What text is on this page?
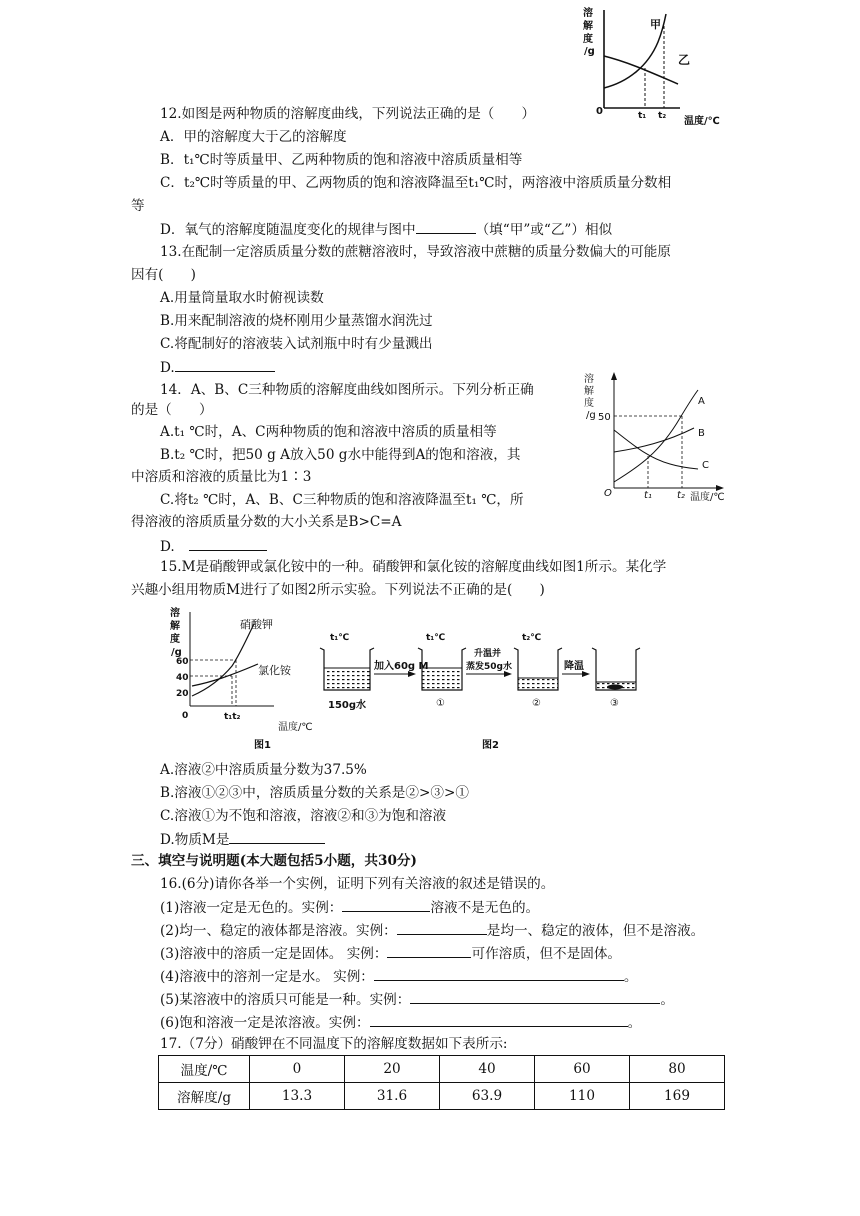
溶
解
度
/g
甲
乙
0	t₁ t₂ 温度/℃
12.如图是两种物质的溶解度曲线，下列说法正确的是（　　）
A．甲的溶解度大于乙的溶解度
B．t₁℃时等质量甲、乙两种物质的饱和溶液中溶质质量相等
C．t₂℃时等质量的甲、乙两物质的饱和溶液降温至t₁℃时，两溶液中溶质质量分数相
等
D．氧气的溶解度随温度变化的规律与图中	（填“甲”或“乙”）相似
13.在配制一定溶质质量分数的蔗糖溶液时，导致溶液中蔗糖的质量分数偏大的可能原
因有(　　)
A.用量筒量取水时俯视读数
B.用来配制溶液的烧杯刚用少量蒸馏水润洗过
C.将配制好的溶液装入试剂瓶中时有少量溅出
D.
溶
解
度
/g 50
A
B
C
O	t₁	t₂ 温度/℃
14．A、B、C三种物质的溶解度曲线如图所示。下列分析正确
的是（　　）
A.t₁ ℃时，A、C两种物质的饱和溶液中溶质的质量相等
B.t₂ ℃时，把50 g A放入50 g水中能得到A的饱和溶液，其
中溶质和溶液的质量比为1∶3
C.将t₂ ℃时，A、B、C三种物质的饱和溶液降温至t₁ ℃，所
得溶液的溶质质量分数的大小关系是B>C=A
D.
15.M是硝酸钾或氯化铵中的一种。硝酸钾和氯化铵的溶解度曲线如图1所示。某化学
兴趣小组用物质M进行了如图2所示实验。下列说法不正确的是(　　)
溶
解
度
/g
60
40
20
0	t₁t₂
硝酸钾
氯化铵
温度/℃
图1
t₁℃	t₁℃	t₂℃
加入60g M
升温并
蒸发50g水	降温
150g水	①	②	③
图2
A.溶液②中溶质质量分数为37.5%
B.溶液①②③中，溶质质量分数的关系是②>③>①
C.溶液①为不饱和溶液，溶液②和③为饱和溶液
D.物质M是
三、填空与说明题(本大题包括5小题，共30分)
16.(6分)请你各举一个实例，证明下列有关溶液的叙述是错误的。
(1)溶液一定是无色的。实例：	溶液不是无色的。
(2)均一、稳定的液体都是溶液。实例：	是均一、稳定的液体，但不是溶液。
(3)溶液中的溶质一定是固体。 实例：	可作溶质，但不是固体。
(4)溶液中的溶剂一定是水。 实例：	。
(5)某溶液中的溶质只可能是一种。实例：	。
(6)饱和溶液一定是浓溶液。实例：	。
17.（7分）硝酸钾在不同温度下的溶解度数据如下表所示:
温度/℃	0	20	40	60	80
溶解度/g	13.3	31.6	63.9	110	169
